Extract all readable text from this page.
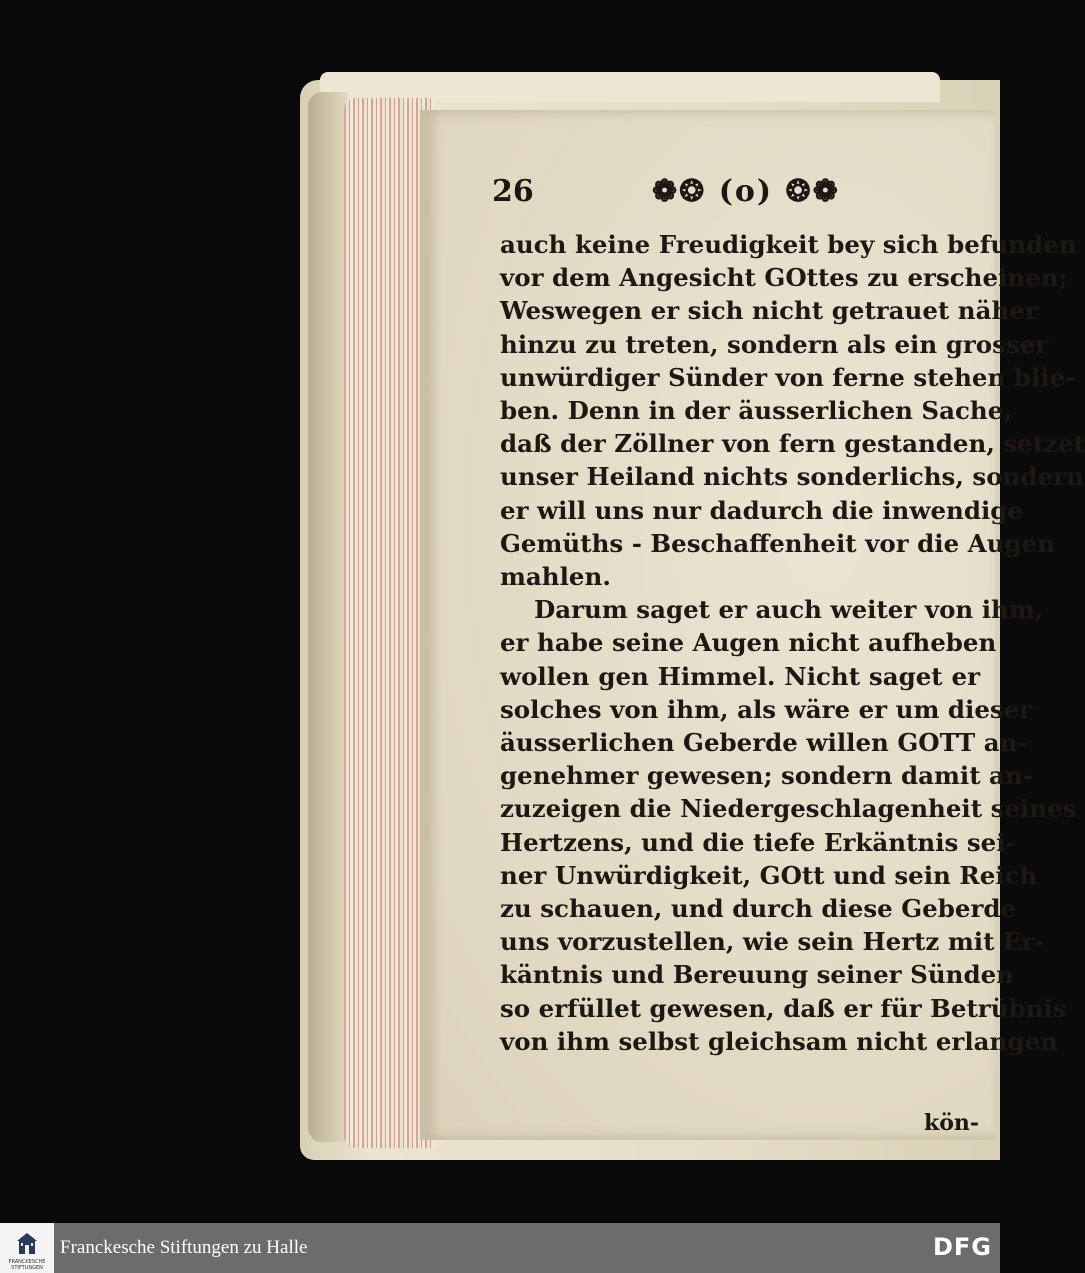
26	❁❂ (o) ❂❁
auch keine Freudigkeit bey sich befunden
vor dem Angesicht GOttes zu erscheinen;
Weswegen er sich nicht getrauet näher
hinzu zu treten, sondern als ein grosser
unwürdiger Sünder von ferne stehen blie-
ben. Denn in der äusserlichen Sache,
daß der Zöllner von fern gestanden, setzet
unser Heiland nichts sonderlichs, sondern
er will uns nur dadurch die inwendige
Gemüths - Beschaffenheit vor die Augen
mahlen.
Darum saget er auch weiter von ihm,
er habe seine Augen nicht aufheben
wollen gen Himmel. Nicht saget er
solches von ihm, als wäre er um dieser
äusserlichen Geberde willen GOTT an-
genehmer gewesen; sondern damit an-
zuzeigen die Niedergeschlagenheit seines
Hertzens, und die tiefe Erkäntnis sei-
ner Unwürdigkeit, GOtt und sein Reich
zu schauen, und durch diese Geberde
uns vorzustellen, wie sein Hertz mit Er-
käntnis und Bereuung seiner Sünden
so erfüllet gewesen, daß er für Betrübnis
von ihm selbst gleichsam nicht erlangen
kön-
FRANCKESCHE STIFTUNGEN
Franckesche Stiftungen zu Halle	DFG
